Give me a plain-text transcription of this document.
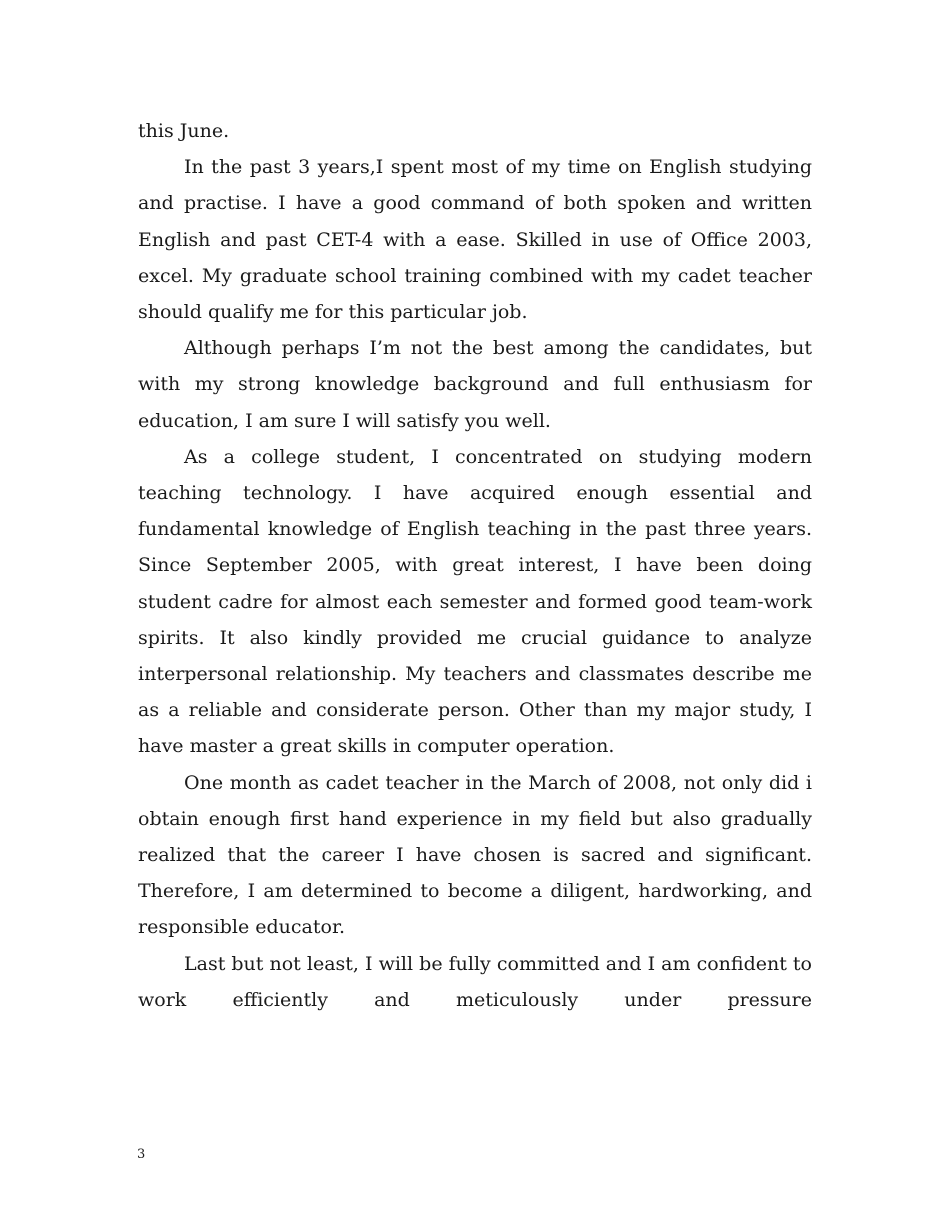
this June.

In the past 3 years,I spent most of my time on English studying and practise. I have a good command of both spoken and written English and past CET-4 with a ease. Skilled in use of Office 2003, excel. My graduate school training combined with my cadet teacher should qualify me for this particular job.

Although perhaps I’m not the best among the candidates, but with my strong knowledge background and full enthusiasm for education, I am sure I will satisfy you well.

As a college student, I concentrated on studying modern teaching technology. I have acquired enough essential and fundamental knowledge of English teaching in the past three years. Since September 2005, with great interest, I have been doing student cadre for almost each semester and formed good team-work spirits. It also kindly provided me crucial guidance to analyze interpersonal relationship. My teachers and classmates describe me as a reliable and considerate person. Other than my major study, I have master a great skills in computer operation.

One month as cadet teacher in the March of 2008, not only did i obtain enough first hand experience in my field but also gradually realized that the career I have chosen is sacred and significant. Therefore, I am determined to become a diligent, hardworking, and responsible educator.

Last but not least, I will be fully committed and I am confident to work efficiently and meticulously under pressure

3
